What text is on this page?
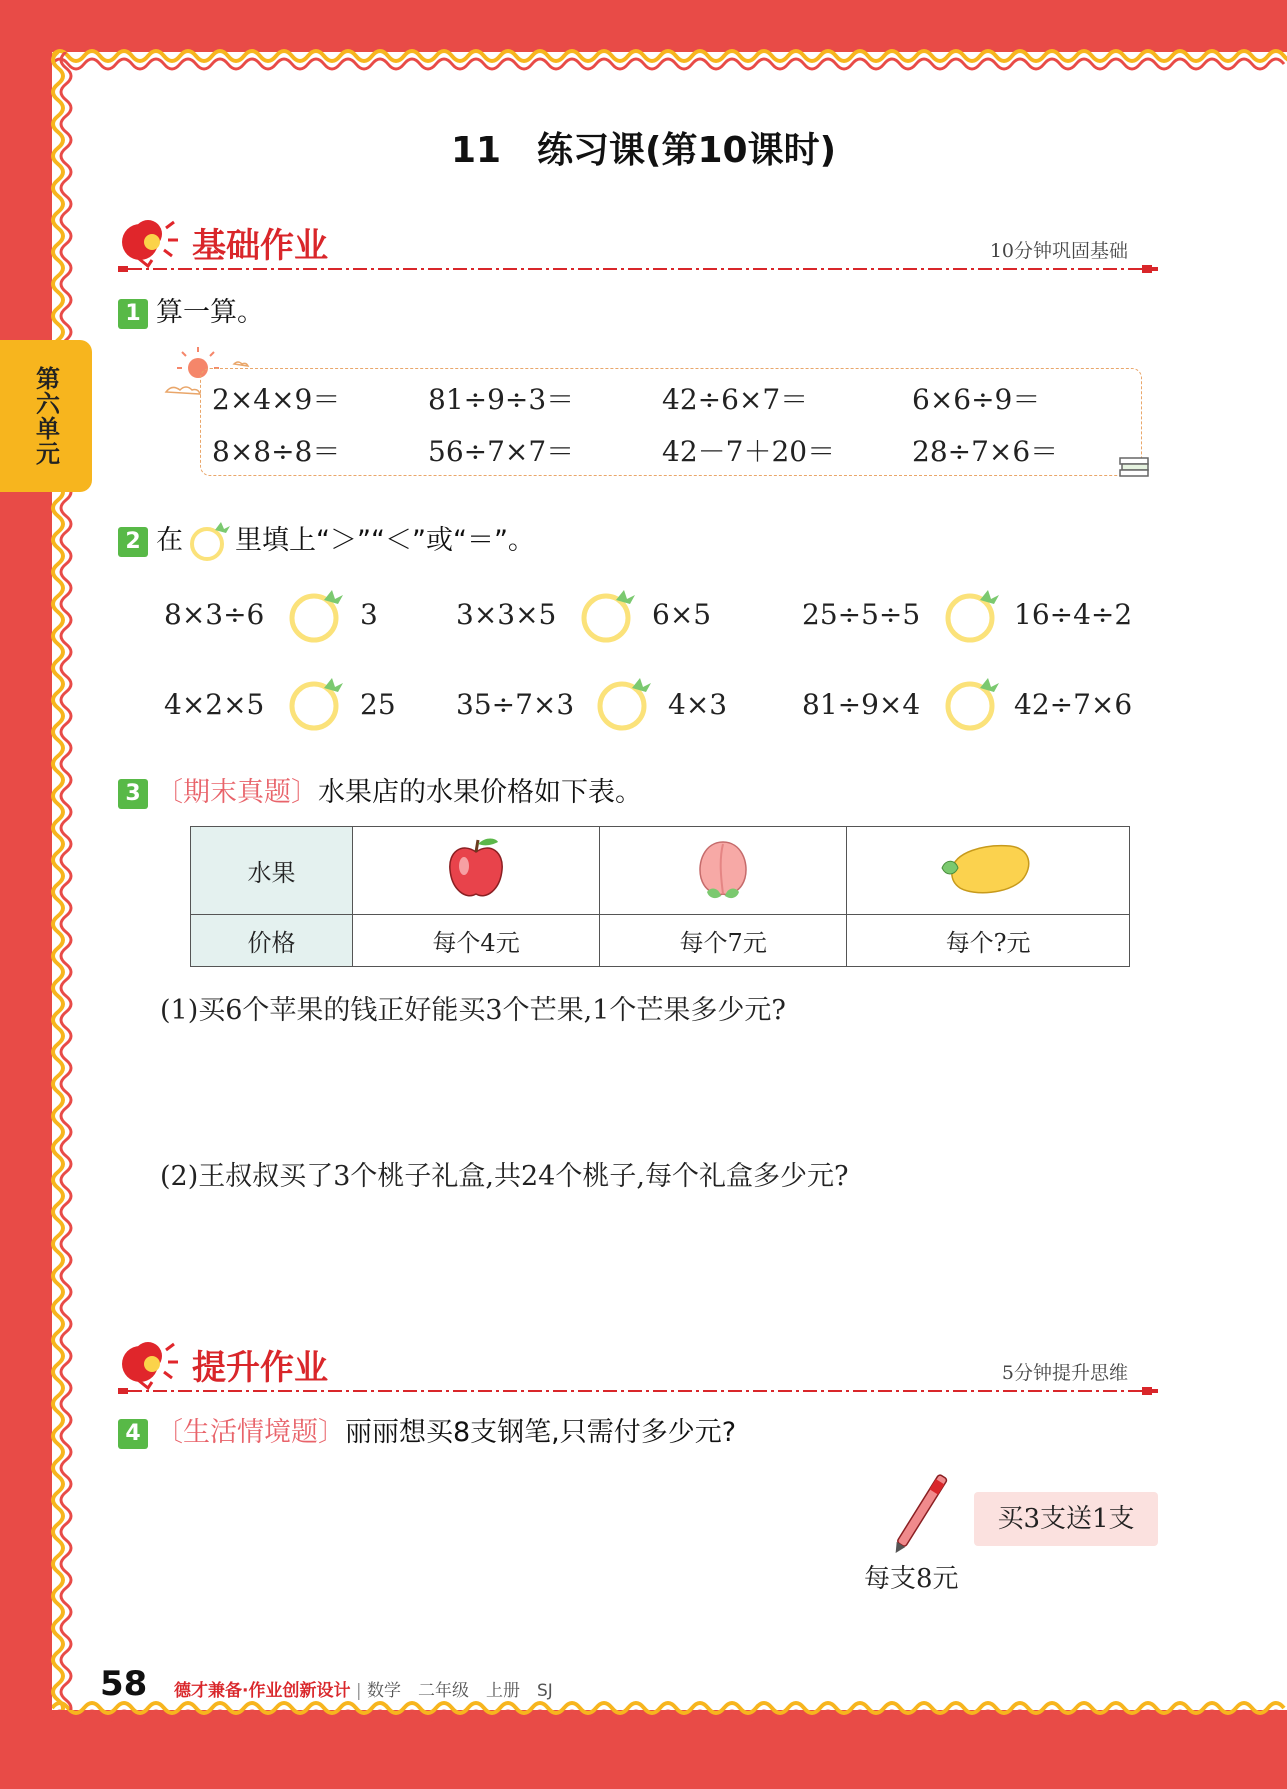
第六单元
11　练习课(第10课时)
基础作业	10分钟巩固基础
1 算一算。
2×4×9＝	81÷9÷3＝	42÷6×7＝	6×6÷9＝
8×8÷8＝	56÷7×7＝	42－7＋20＝	28÷7×6＝
2 在 里填上“＞”“＜”或“＝”。
8×3÷6	3	3×3×5	6×5	25÷5÷5	16÷4÷2
4×2×5	25 35÷7×3	4×3	81÷9×4	42÷7×6
3 〔期末真题〕水果店的水果价格如下表。
水果			
价格	每个4元	每个7元	每个?元
(1)买6个苹果的钱正好能买3个芒果,1个芒果多少元?
(2)王叔叔买了3个桃子礼盒,共24个桃子,每个礼盒多少元?
提升作业	5分钟提升思维
4 〔生活情境题〕丽丽想买8支钢笔,只需付多少元?
每支8元
买3支送1支
58 德才兼备·作业创新设计 | 数学　二年级　上册　SJ
